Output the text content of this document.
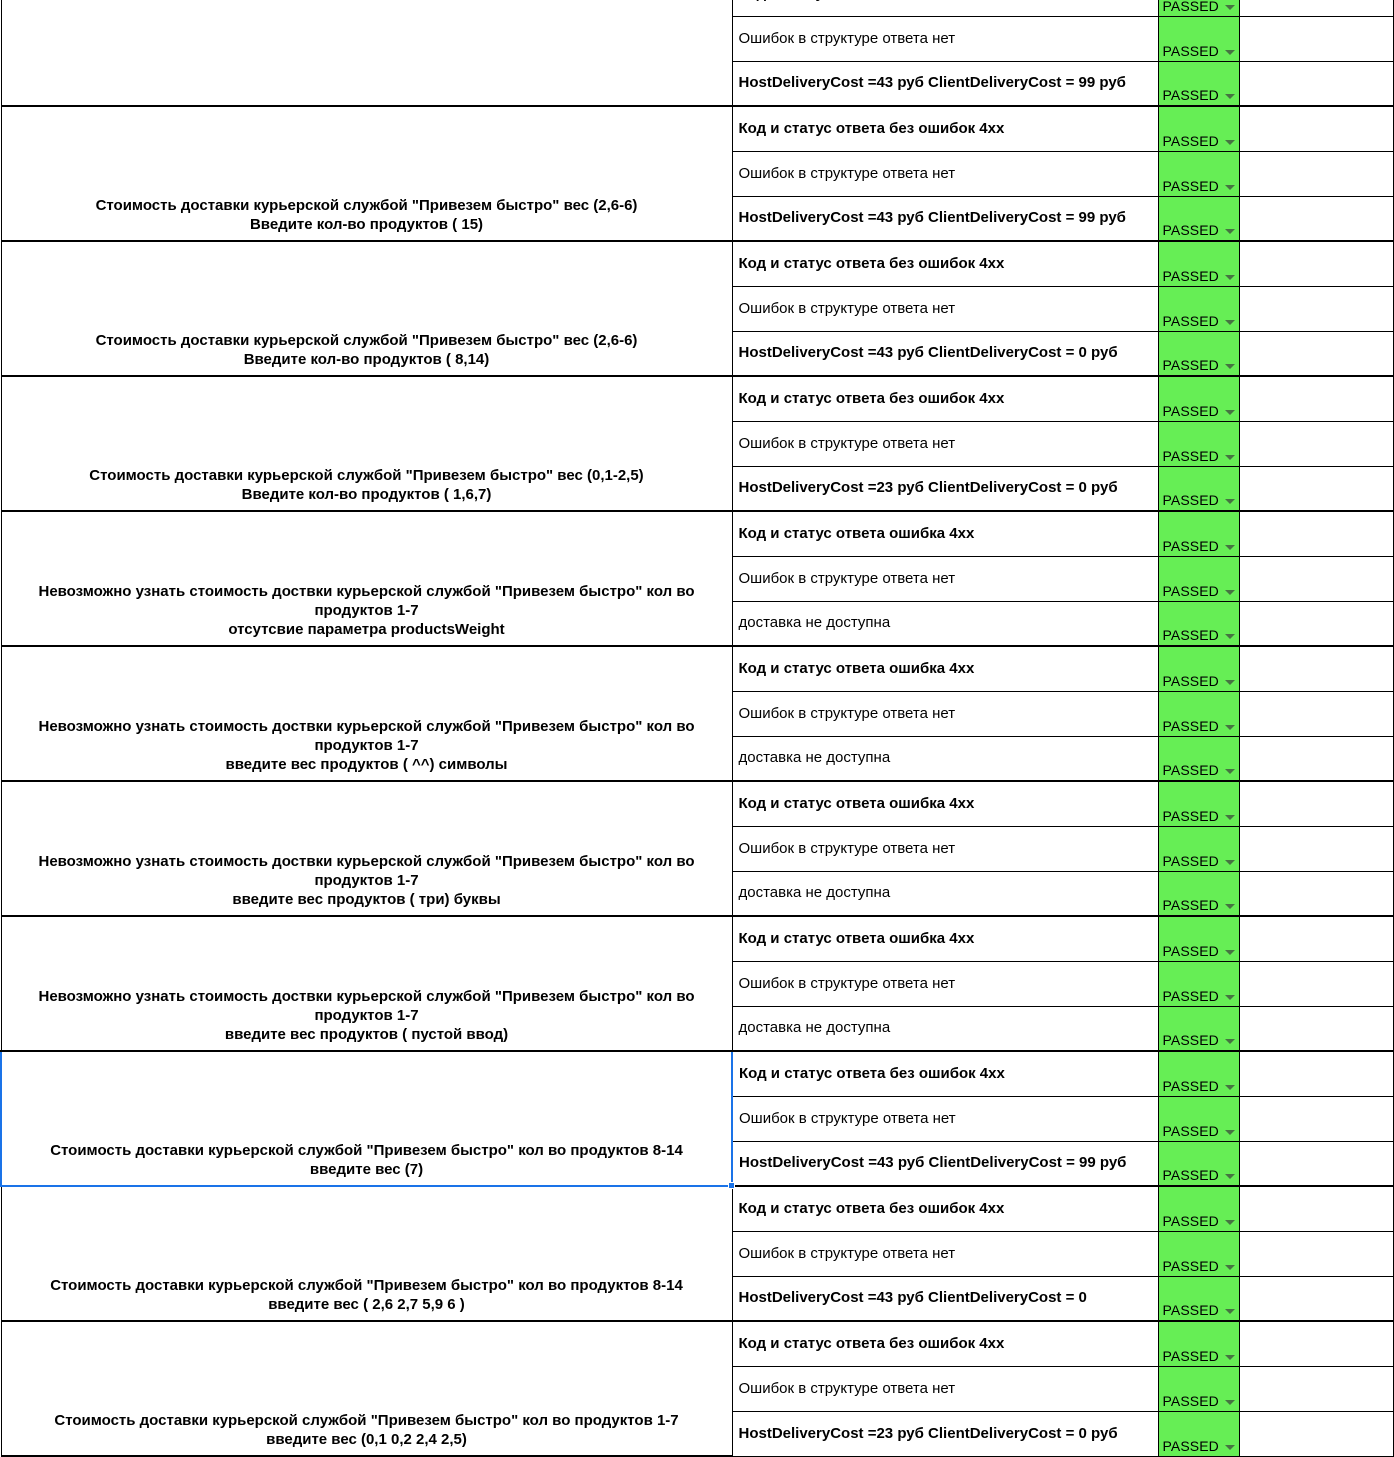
PASSED	

	Ошибок в структуре ответа нет	PASSED	

	HostDeliveryCost =43 руб ClientDeliveryCost = 99 руб	PASSED	

Стоимость доставки курьерской службой "Привезем быстро" вес (2,6-6)
Введите кол-во продуктов ( 15)	Код и статус ответа без ошибок 4xx	PASSED	

	Ошибок в структуре ответа нет	PASSED	

	HostDeliveryCost =43 руб ClientDeliveryCost = 99 руб	PASSED	

Стоимость доставки курьерской службой "Привезем быстро" вес (2,6-6)
Введите кол-во продуктов ( 8,14)	Код и статус ответа без ошибок 4xx	PASSED	

	Ошибок в структуре ответа нет	PASSED	

	HostDeliveryCost =43 руб ClientDeliveryCost = 0 руб	PASSED	

Стоимость доставки курьерской службой "Привезем быстро" вес (0,1-2,5)
Введите кол-во продуктов ( 1,6,7)	Код и статус ответа без ошибок 4xx	PASSED	

	Ошибок в структуре ответа нет	PASSED	

	HostDeliveryCost =23 руб ClientDeliveryCost = 0 руб	PASSED	

Невозможно узнать стоимость доствки курьерской службой "Привезем быстро" кол во
продуктов 1-7
отсутсвие параметра productsWeight	Код и статус ответа ошибка 4xx	PASSED	

	Ошибок в структуре ответа нет	PASSED	

	доставка не доступна	PASSED	

Невозможно узнать стоимость доствки курьерской службой "Привезем быстро" кол во
продуктов 1-7
введите вес продуктов ( ^^) символы	Код и статус ответа ошибка 4xx	PASSED	

	Ошибок в структуре ответа нет	PASSED	

	доставка не доступна	PASSED	

Невозможно узнать стоимость доствки курьерской службой "Привезем быстро" кол во
продуктов 1-7
введите вес продуктов ( три) буквы	Код и статус ответа ошибка 4xx	PASSED	

	Ошибок в структуре ответа нет	PASSED	

	доставка не доступна	PASSED	

Невозможно узнать стоимость доствки курьерской службой "Привезем быстро" кол во
продуктов 1-7
введите вес продуктов ( пустой ввод)	Код и статус ответа ошибка 4xx	PASSED	

	Ошибок в структуре ответа нет	PASSED	

	доставка не доступна	PASSED	

Стоимость доставки курьерской службой "Привезем быстро" кол во продуктов 8-14
введите вес (7)	Код и статус ответа без ошибок 4xx	PASSED	

	Ошибок в структуре ответа нет	PASSED	

	HostDeliveryCost =43 руб ClientDeliveryCost = 99 руб	PASSED	

Стоимость доставки курьерской службой "Привезем быстро" кол во продуктов 8-14
введите вес ( 2,6 2,7 5,9 6 )	Код и статус ответа без ошибок 4xx	PASSED	

	Ошибок в структуре ответа нет	PASSED	

	HostDeliveryCost =43 руб ClientDeliveryCost = 0	PASSED	

Стоимость доставки курьерской службой "Привезем быстро" кол во продуктов 1-7
введите вес (0,1 0,2 2,4 2,5)	Код и статус ответа без ошибок 4xx	PASSED	

	Ошибок в структуре ответа нет	PASSED	

	HostDeliveryCost =23 руб ClientDeliveryCost = 0 руб	PASSED	
